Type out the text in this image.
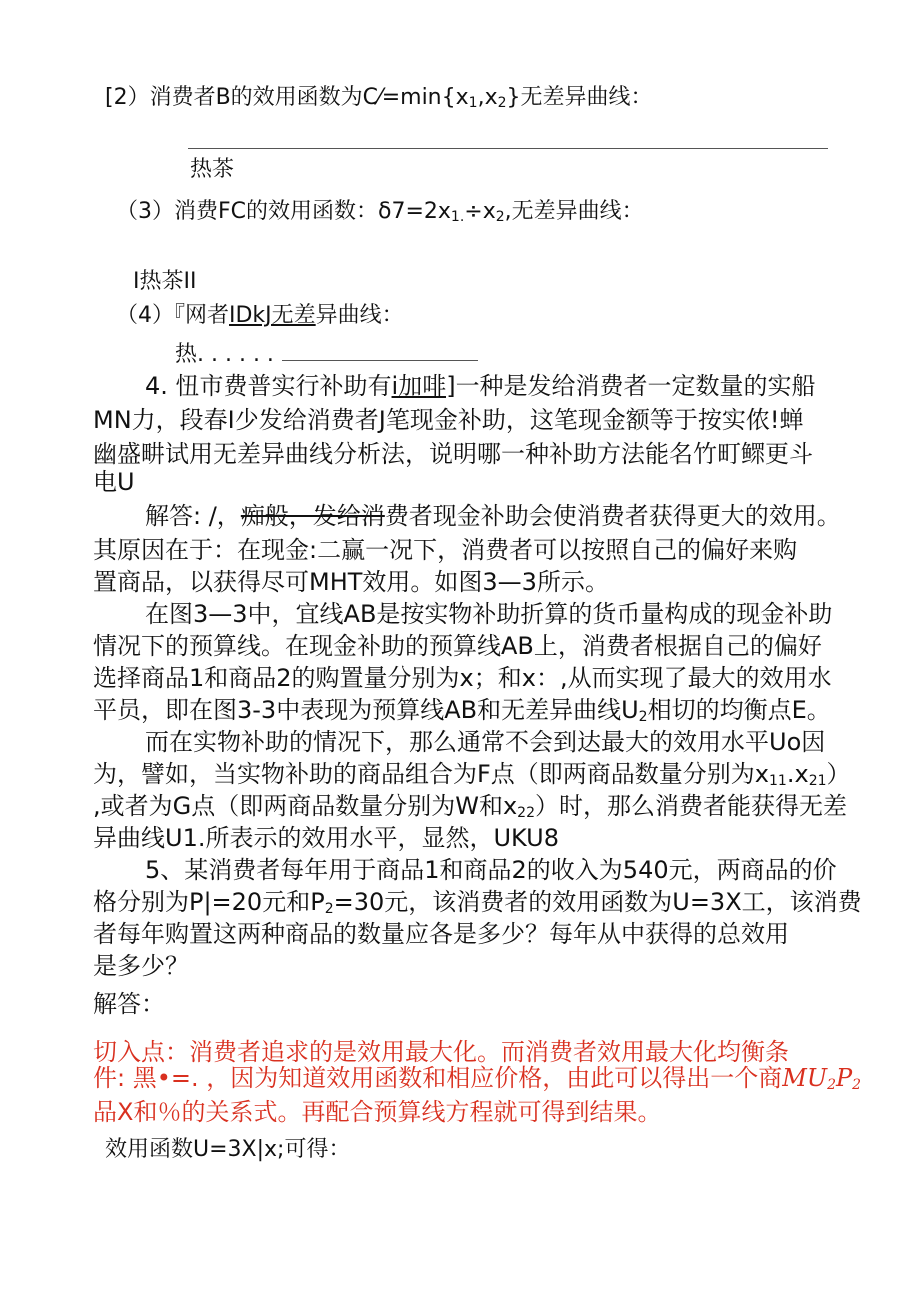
[2）消费者B的效用函数为$C⁄=\min\{x_1,x_2\}$无差异曲线：
热茶
（3）消费FC的效用函数：$\delta 7=2x_{1.}\div x_2$,无差异曲线：
I热茶II
（4）『网者IDkJ无差异曲线：
热. . . . . .
4. 忸市费普实行补助有i加啡]一种是发给消费者一定数量的实船
MN力，段春I少发给消费者J笔现金补助，这笔现金额等于按实侬!蝉
幽盛畊试用无差异曲线分析法，说明哪一种补助方法能名竹町鳏更斗
电U
解答: /，痴般，发给消费者现金补助会使消费者获得更大的效用。
其原因在于：在现金:二赢一况下，消费者可以按照自己的偏好来购
置商品，以获得尽可MHT效用。如图3—3所示。
在图3—3中，宜线AB是按实物补助折算的货币量构成的现金补助
情况下的预算线。在现金补助的预算线AB上，消费者根据自己的偏好
选择商品1和商品2的购置量分别为x；和x：,从而实现了最大的效用水
平员，即在图3-3中表现为预算线AB和无差异曲线$U_2$相切的均衡点E。
而在实物补助的情况下，那么通常不会到达最大的效用水平Uo因
为，譬如，当实物补助的商品组合为F点（即两商品数量分别为$x_{11}.x_{21}$）
,或者为G点（即两商品数量分别为W和$x_{22}$）时，那么消费者能获得无差
异曲线U1.所表示的效用水平，显然，UKU8
5、某消费者每年用于商品1和商品2的收入为540元，两商品的价
格分别为P|=20元和$P_2=30$元，该消费者的效用函数为U=3X工，该消费
者每年购置这两种商品的数量应各是多少？每年从中获得的总效用
是多少？
解答：
切入点：消费者追求的是效用最大化。而消费者效用最大化均衡条
件: 黑•=. ，因为知道效用函数和相应价格，由此可以得出一个商$MU_2P_2$
品X和％的关系式。再配合预算线方程就可得到结果。
效用函数U=3X|x;可得：
